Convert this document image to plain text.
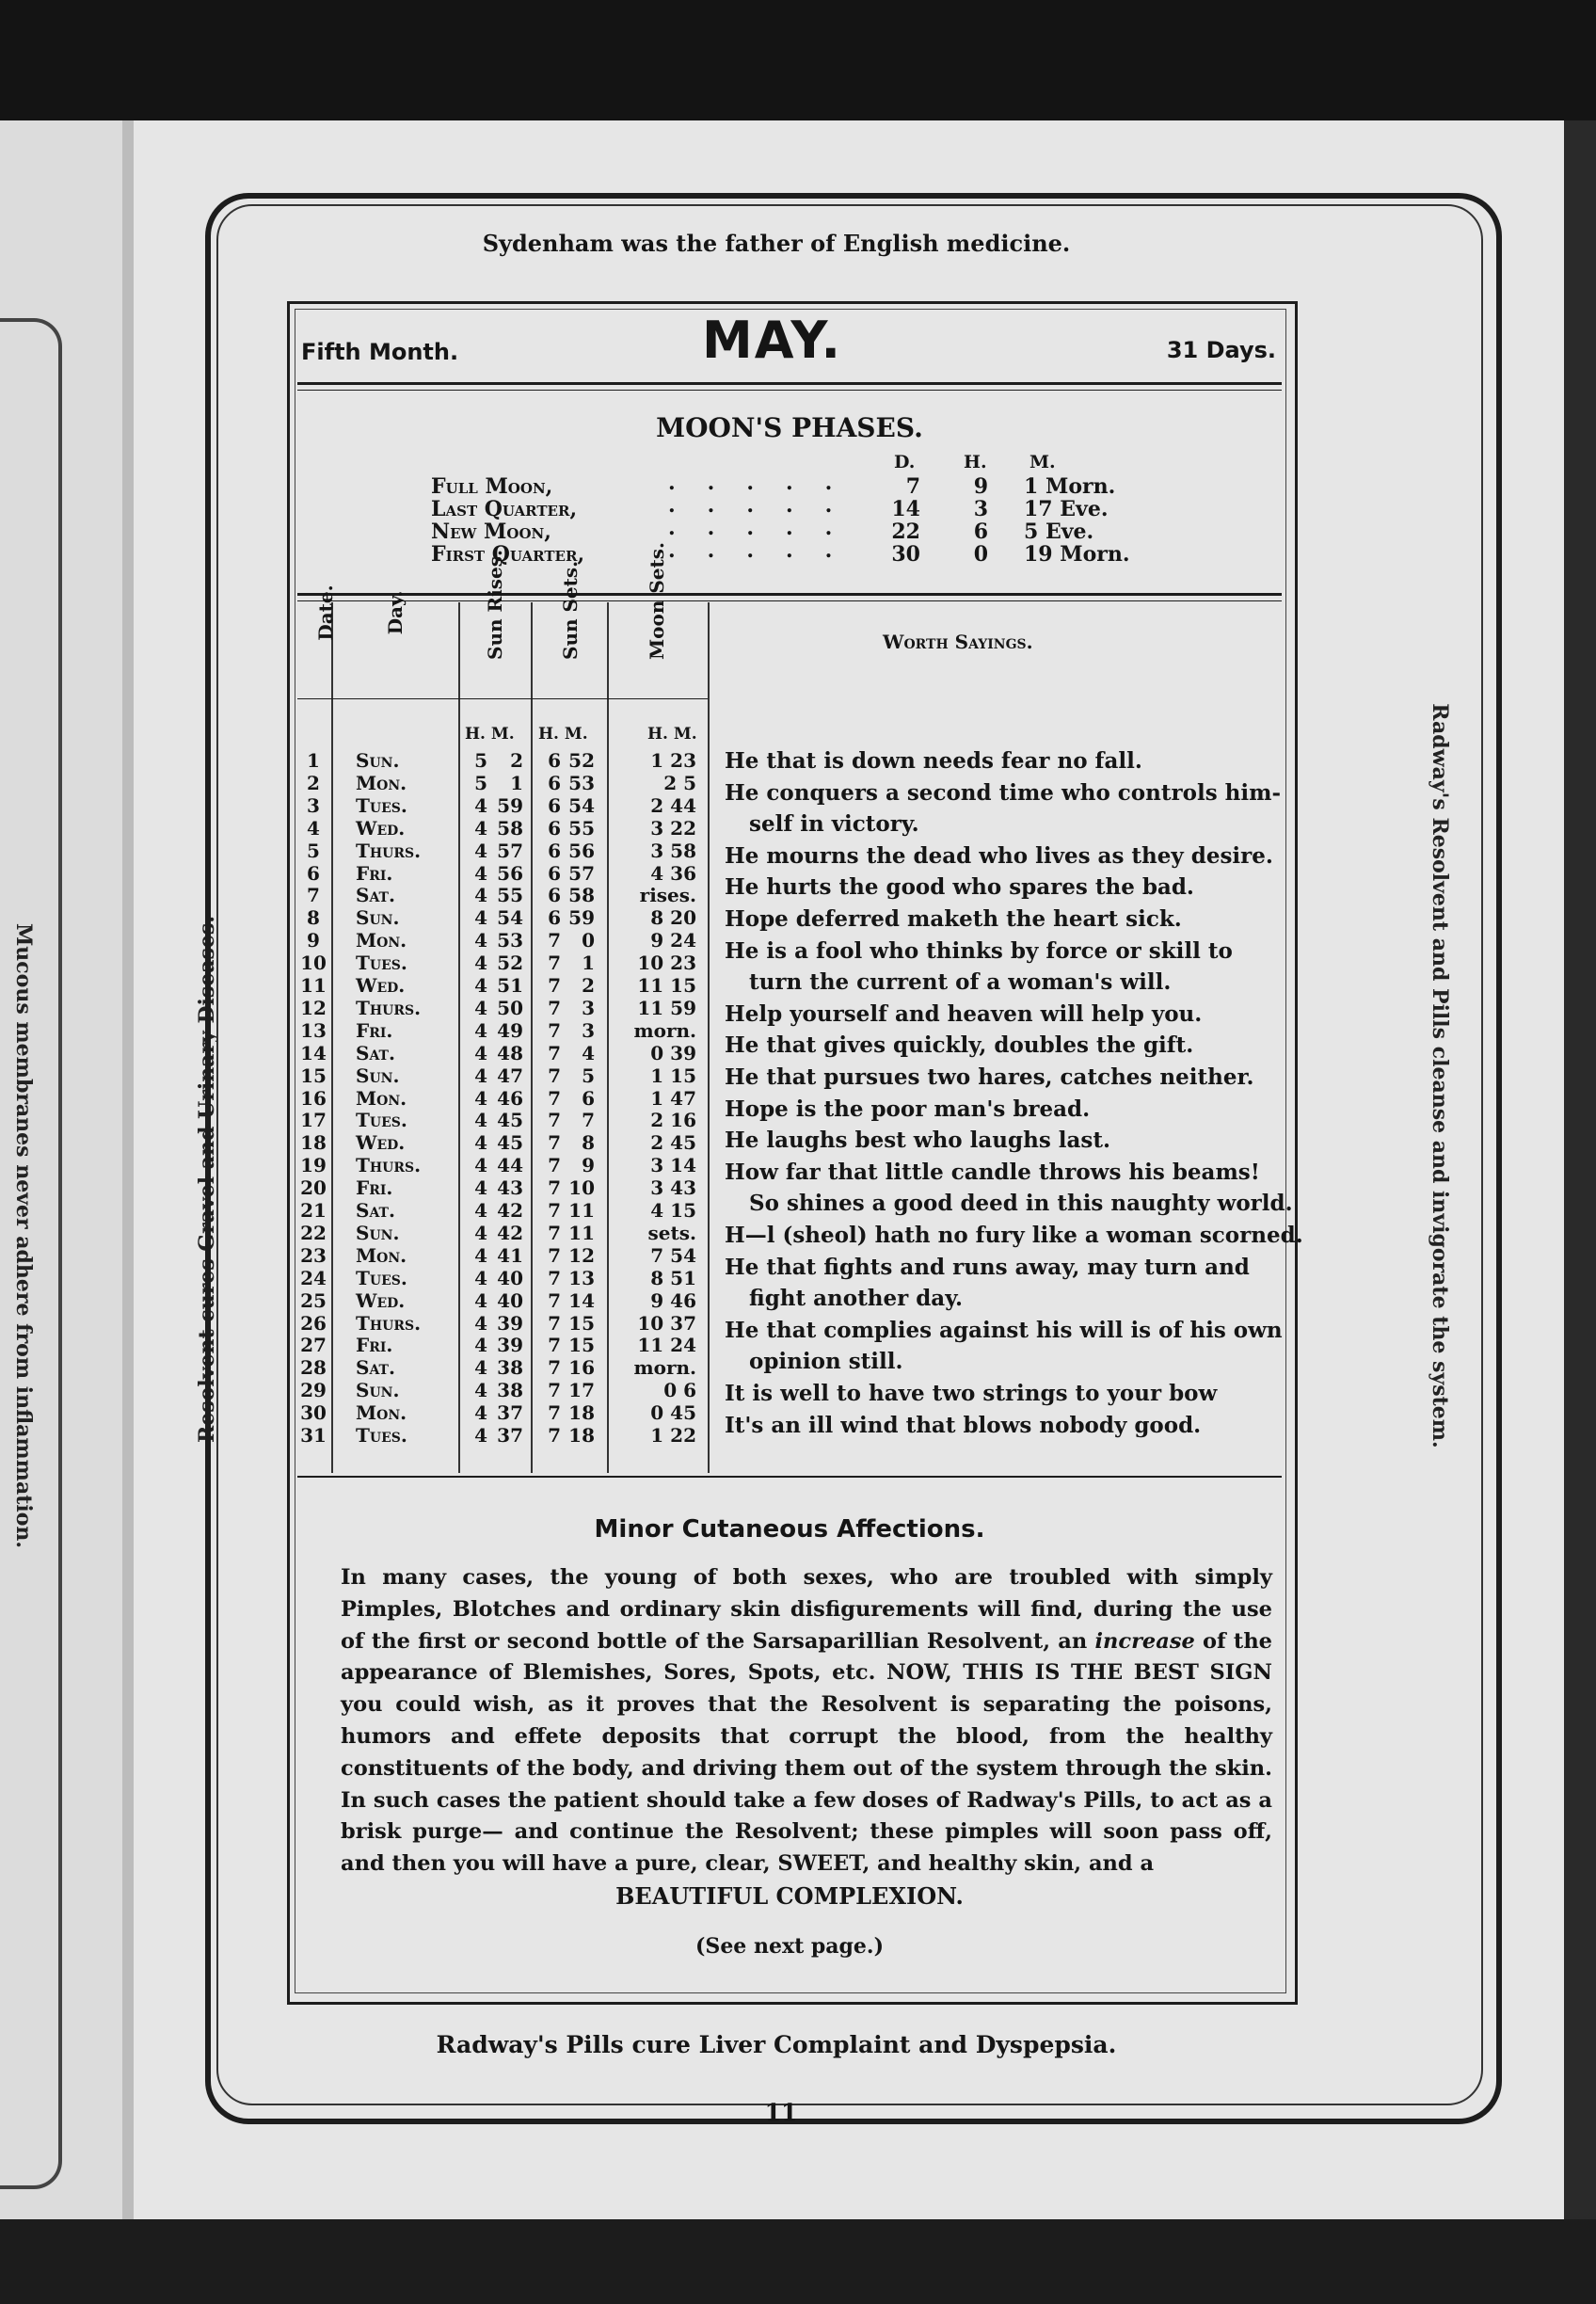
Mucous membranes never adhere from inflammation.	Resolvent cures Gravel and Urinary Diseases.	Radway's Resolvent and Pills cleanse and invigorate the system.
Sydenham was the father of English medicine.
Fifth Month.	MAY.	31 Days.
MOON'S PHASES.
D.	H. M.
Full Moon,	.....	7	9 1 Morn.
Last Quarter,	.....	14	3 17 Eve.
New Moon,	.....	22	6 5 Eve.
First Quarter,	.....	30	0 19 Morn.
Date.	Day.	Sun Rises.	Sun Sets.	Moon Sets.	Worth Sayings.
H. M. H. M.	H. M.
1	Sun.	5	2	6 52	1 23
2	Mon.	5	1	6 53	2 5
3	Tues.	4 59	6 54	2 44
4	Wed.	4 58	6 55	3 22
5	Thurs.	4 57	6 56	3 58
6	Fri.	4 56	6 57	4 36
7	Sat.	4 55	6 58	rises.
8	Sun.	4 54	6 59	8 20
9	Mon.	4 53	7	0	9 24
10 Tues.	4 52	7	1	10 23
11 Wed.	4 51	7	2	11 15
12 Thurs.	4 50	7	3	11 59
13 Fri.	4 49	7	3	morn.
14 Sat.	4 48	7	4	0 39
15 Sun.	4 47	7	5	1 15
16 Mon.	4 46	7	6	1 47
17 Tues.	4 45	7	7	2 16
18 Wed.	4 45	7	8	2 45
19 Thurs.	4 44	7	9	3 14
20 Fri.	4 43	7 10	3 43
21 Sat.	4 42	7 11	4 15
22 Sun.	4 42	7 11	sets.
23 Mon.	4 41	7 12	7 54
24 Tues.	4 40	7 13	8 51
25 Wed.	4 40	7 14	9 46
26 Thurs.	4 39	7 15	10 37
27 Fri.	4 39	7 15	11 24
28 Sat.	4 38	7 16	morn.
29 Sun.	4 38	7 17	0 6
30 Mon.	4 37	7 18	0 45
31 Tues.	4 37	7 18	1 22
He that is down needs fear no fall.
He conquers a second time who controls him-
self in victory.
He mourns the dead who lives as they desire.
He hurts the good who spares the bad.
Hope deferred maketh the heart sick.
He is a fool who thinks by force or skill to
turn the current of a woman's will.
Help yourself and heaven will help you.
He that gives quickly, doubles the gift.
He that pursues two hares, catches neither.
Hope is the poor man's bread.
He laughs best who laughs last.
How far that little candle throws his beams!
So shines a good deed in this naughty world.
H—l (sheol) hath no fury like a woman scorned.
He that fights and runs away, may turn and
fight another day.
He that complies against his will is of his own
opinion still.
It is well to have two strings to your bow
It's an ill wind that blows nobody good.
Minor Cutaneous Affections.
In many cases, the young of both sexes, who are troubled with simply Pimples, Blotches and ordinary skin disfigurements will find, during the use of the first or second bottle of the Sarsaparillian Resolvent, an increase of the appearance of Blemishes, Sores, Spots, etc. NOW, THIS IS THE BEST SIGN you could wish, as it proves that the Resolvent is separating the poisons, humors and effete deposits that corrupt the blood, from the healthy constituents of the body, and driving them out of the system through the skin. In such cases the patient should take a few doses of Radway's Pills, to act as a brisk purge— and continue the Resolvent; these pimples will soon pass off, and then you will have a pure, clear, SWEET, and healthy skin, and a
BEAUTIFUL COMPLEXION.
(See next page.)
Radway's Pills cure Liver Complaint and Dyspepsia.
11
